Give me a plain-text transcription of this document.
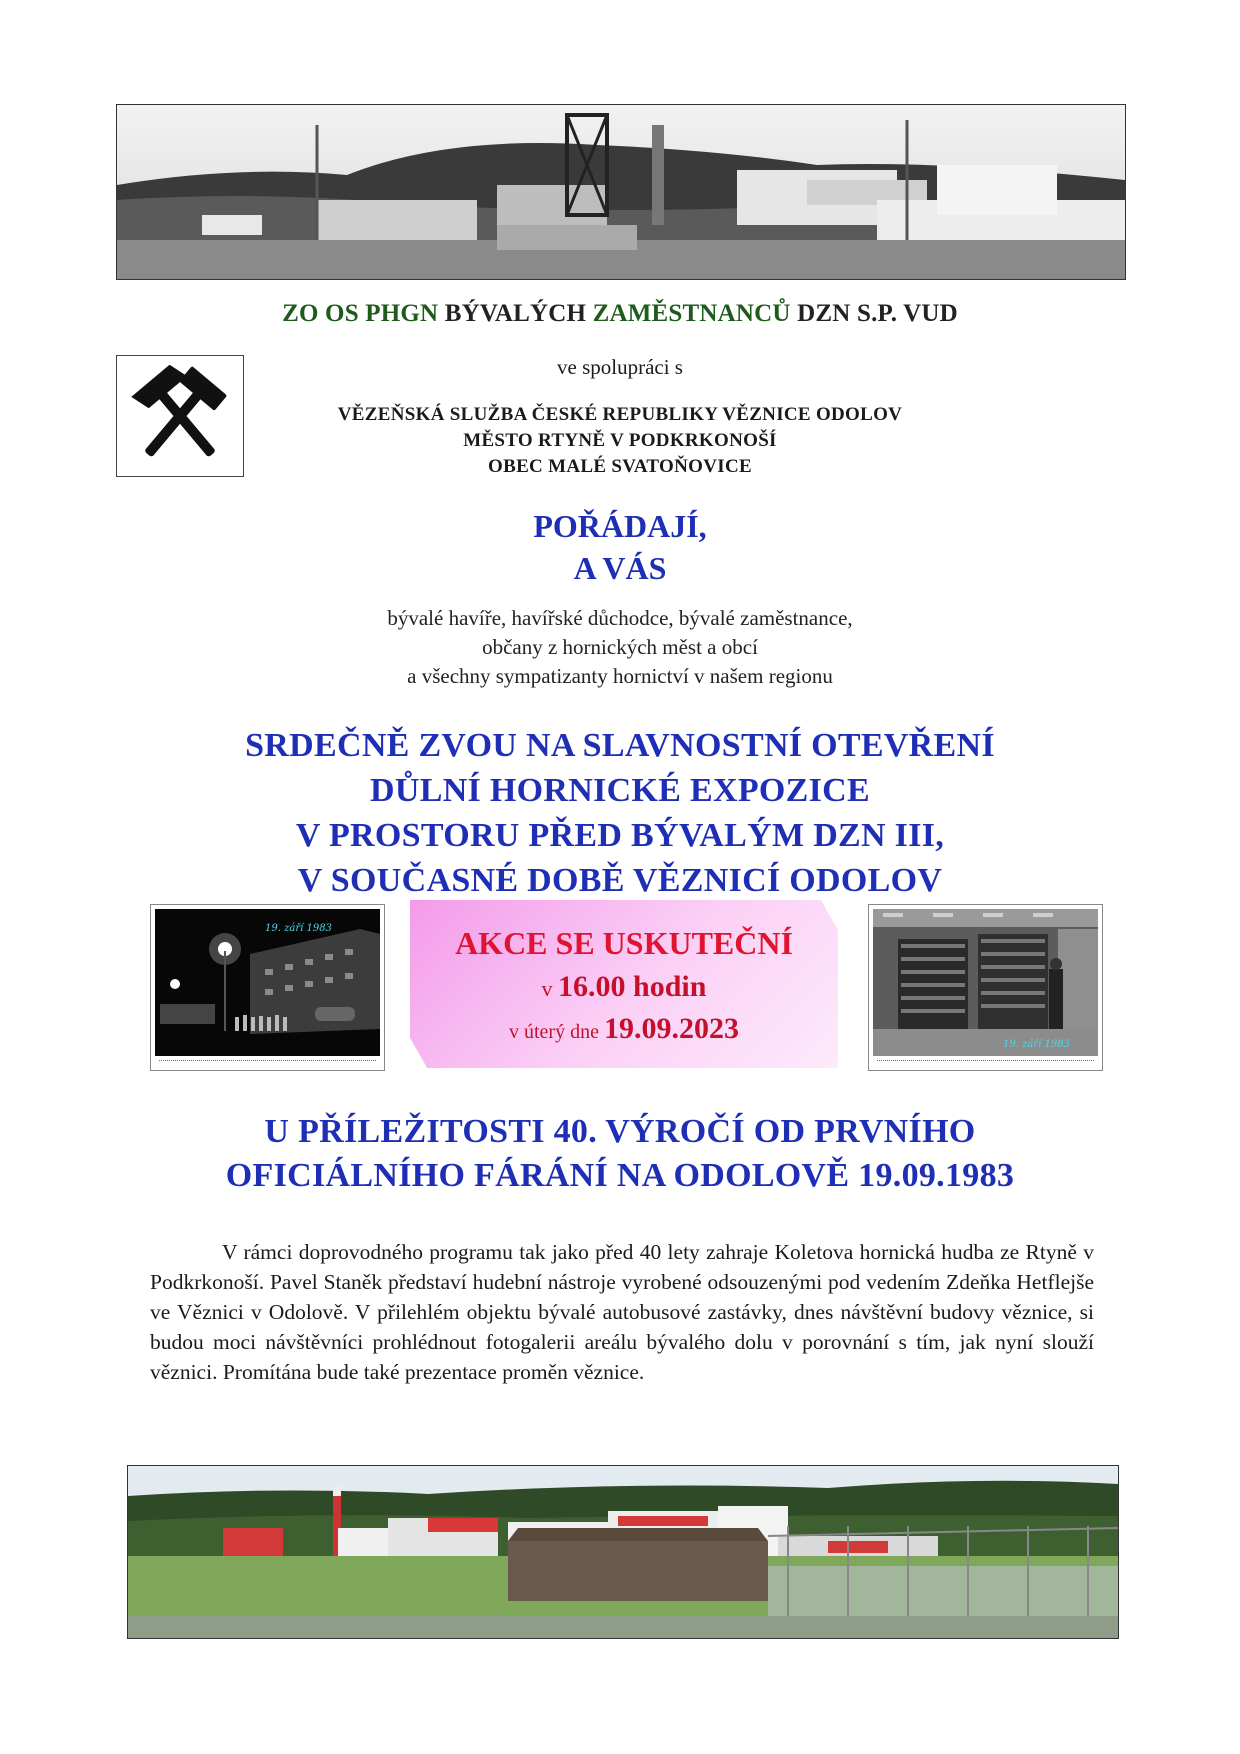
ZO OS PHGN BÝVALÝCH ZAMĚSTNANCŮ DZN S.P. VUD
ve spolupráci s
VĚZEŇSKÁ SLUŽBA ČESKÉ REPUBLIKY VĚZNICE ODOLOV
MĚSTO RTYNĚ V PODKRKONOŠÍ
OBEC MALÉ SVATOŇOVICE
POŘÁDAJÍ,
A VÁS
bývalé havíře, havířské důchodce, bývalé zaměstnance,
občany z hornických měst a obcí
a všechny sympatizanty hornictví v našem regionu
SRDEČNĚ ZVOU NA SLAVNOSTNÍ OTEVŘENÍ
DŮLNÍ HORNICKÉ EXPOZICE
V PROSTORU PŘED BÝVALÝM DZN III,
V SOUČASNÉ DOBĚ VĚZNICÍ ODOLOV
19. září 1983	AKCE SE USKUTEČNÍ
v 16.00 hodin
v úterý dne 19.09.2023	19. září 1983
U PŘÍLEŽITOSTI 40. VÝROČÍ OD PRVNÍHO
OFICIÁLNÍHO FÁRÁNÍ NA ODOLOVĚ 19.09.1983
V rámci doprovodného programu tak jako před 40 lety zahraje Koletova hornická hudba ze Rtyně v Podkrkonoší. Pavel Staněk představí hudební nástroje vyrobené odsouzenými pod vedením Zdeňka Hetflejše ve Věznici v Odolově. V přilehlém objektu bývalé autobusové zastávky, dnes návštěvní budovy věznice, si budou moci návštěvníci prohlédnout fotogalerii areálu bývalého dolu v porovnání s tím, jak nyní slouží věznici. Promítána bude také prezentace proměn věznice.
